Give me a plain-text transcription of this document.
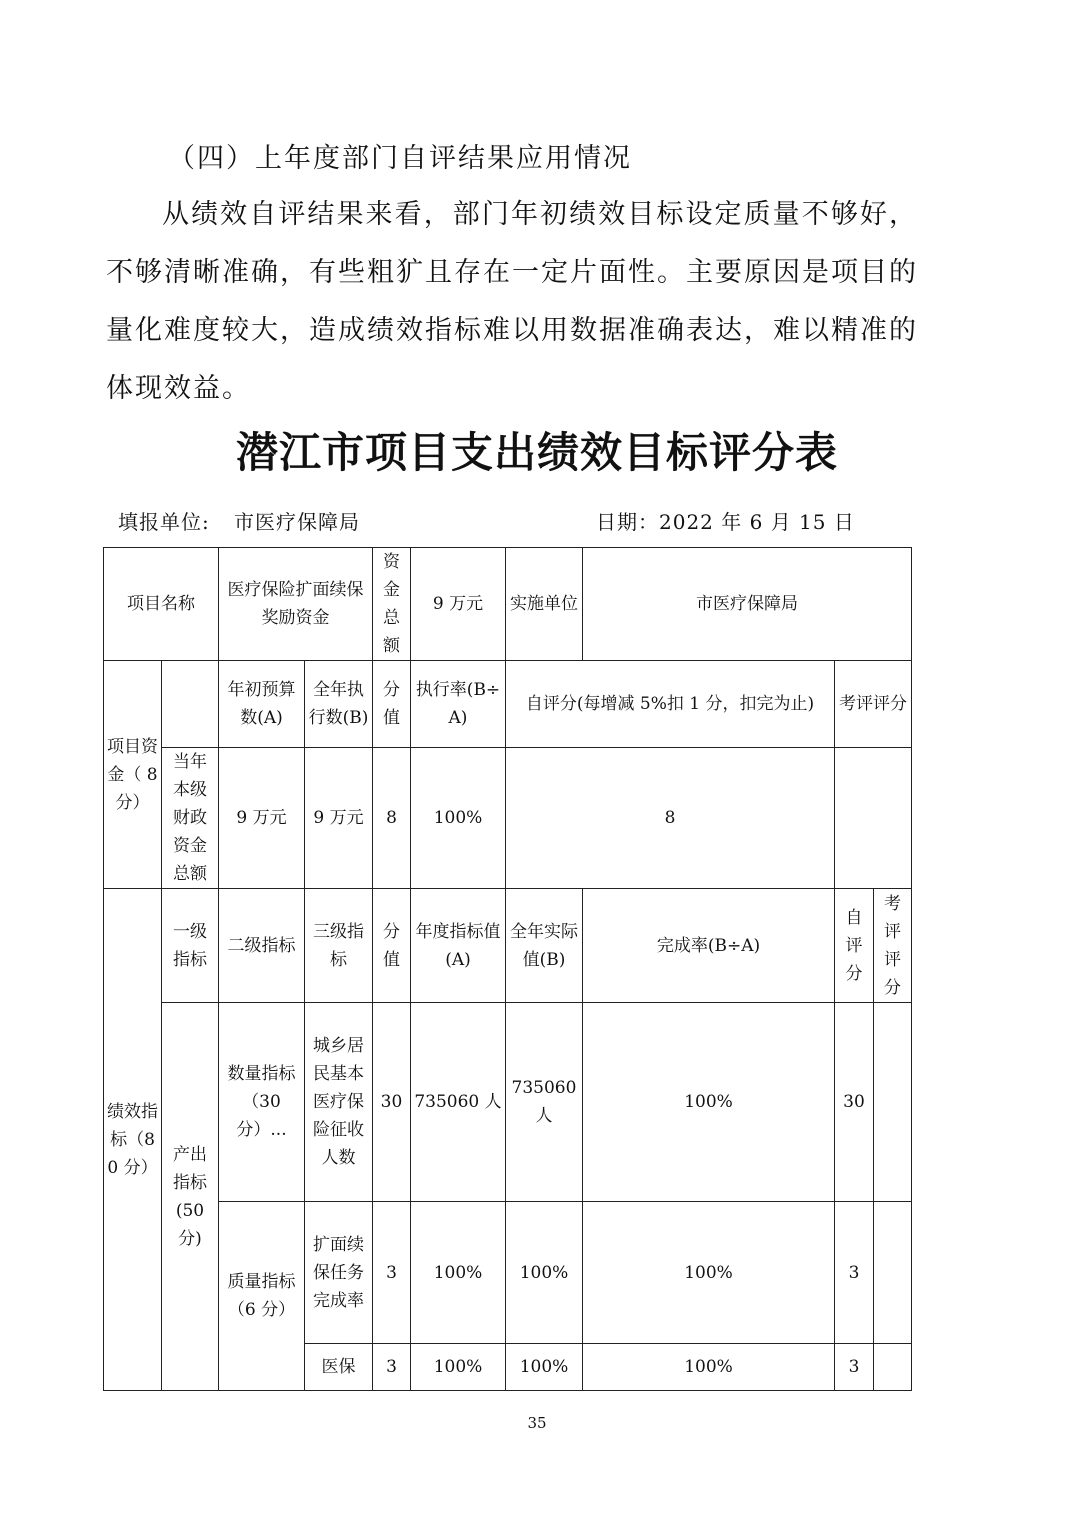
（四）上年度部门自评结果应用情况

从绩效自评结果来看，部门年初绩效目标设定质量不够好，不够清晰准确，有些粗犷且存在一定片面性。主要原因是项目的量化难度较大，造成绩效指标难以用数据准确表达，难以精准的体现效益。

潜江市项目支出绩效目标评分表
填报单位: 市医疗保障局	日期：2022 年 6 月 15 日
项目名称		医疗保险扩面续保奖励资金		资金总额	9 万元	实施单位	市医疗保障局		
项目资金（ 8 分）		年初预算数(A)	全年执行数(B)	分值	执行率(B÷A)	自评分(每增减 5%扣 1 分，扣完为止)		考评评分	
	当年本级财政资金总额	9 万元	9 万元	8	100%	8			
绩效指标（80 分）	一级指标	二级指标	三级指标	分值	年度指标值(A)	全年实际值(B)	完成率(B÷A)	自评分	考评评分
	产出指标(50 分)	数量指标（30 分）...	城乡居民基本医疗保险征收人数	30	735060 人	735060 人	100%	30	
		质量指标（6 分）	扩面续保任务完成率	3	100%	100%	100%	3	
			医保	3	100%	100%	100%	3	
35
